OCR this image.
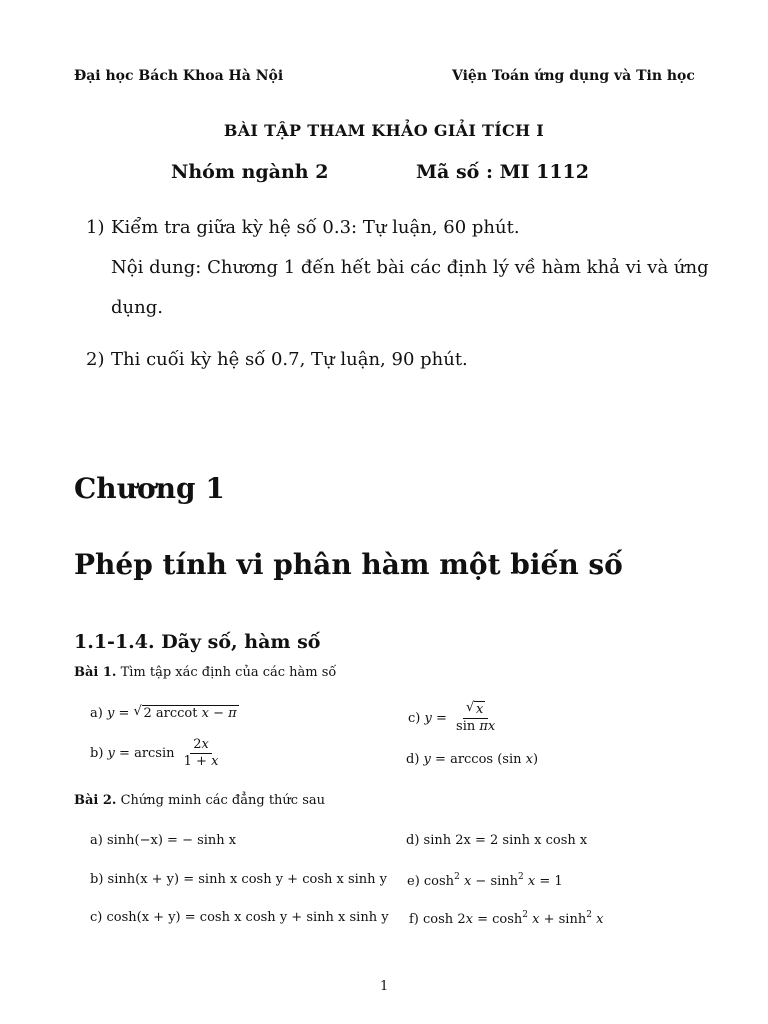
Đại học Bách Khoa Hà Nội	Viện Toán ứng dụng và Tin học
BÀI TẬP THAM KHẢO GIẢI TÍCH I
Nhóm ngành 2	Mã số : MI 1112
1) Kiểm tra giữa kỳ hệ số 0.3: Tự luận, 60 phút.
Nội dung: Chương 1 đến hết bài các định lý về hàm khả vi và ứng
dụng.
2) Thi cuối kỳ hệ số 0.7, Tự luận, 90 phút.
Chương 1
Phép tính vi phân hàm một biến số
1.1-1.4. Dãy số, hàm số
Bài 1. Tìm tập xác định của các hàm số
a) y = √ 2 arccot x − π
b) $y = \arcsin \frac{2x}{1 + x}$
c) $y = \frac{√ x}{\text{sin πx}}$
d) y = arccos (sin x)
Bài 2. Chứng minh các đẳng thức sau
a) sinh(−x) = − sinh x
b) sinh(x + y) = sinh x cosh y + cosh x sinh y
c) cosh(x + y) = cosh x cosh y + sinh x sinh y
d) sinh 2x = 2 sinh x cosh x
e) $\cosh^2 x - \sinh^2 x = 1$
f) $\cosh 2x = \cosh^2 x + \sinh^2 x$
1
